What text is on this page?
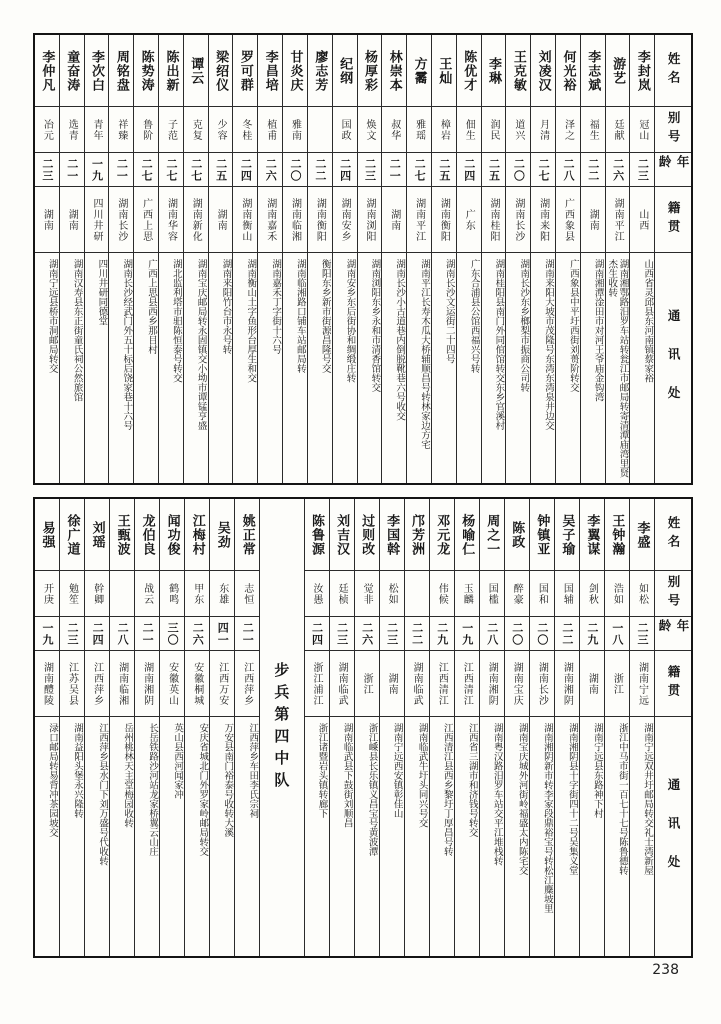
姓名
别号
年龄
籍贯
通讯处
李封岚
冠山
二三
山西
山西省灵邱县东河南镇蔡家裕
游艺
廷献
二六
湖南平江
湖南湘鄂路汨罗车站转瓮江市邮局转寄清潭庙湾里贤杰生收转
李志斌
福生
二二
湖南
湖南湘潭淦田市对河王爷庙金钩湾
何光裕
泽之
二八
广西象县
广西象县中平圩西街刘蒉阶转交
刘凌汉
月清
二七
湖南来阳
湖南来阳大坡市茂隆号东湾东湾泉井边交
王克敏
道兴
二〇
湖南长沙
湖南长沙东乡榔梨市振商公司转
李琳
润民
二五
湖南桂阳
湖南桂阳县南门外同倌馆转交东乡官溪村
陈优才
佃生
二四
广东
广东合浦县公馆西福兴号转
王灿
樟岩
二五
湖南衡阳
湖南长沙文运街二十四号
方霱
雅瑶
二七
湖南平江
湖南平江长寿木瓜大桥辅顺昌号转林家边方宅
林崇本
叔华
二一
湖南
湖南长沙小古道巷内倒脱靴巷六号收交
杨厚彩
焕文
二三
湖南浏阳
湖南浏阳东乡永和市清香馆转交
纪纲
国政
二四
湖南安乡
湖南安乡东后街协和绸缎庄转
廖志芳
二二
湖南衡阳
衡阳东乡新市街源昌隆号交
甘炎庆
雅南
二〇
湖南临湘
湖南临湘路口铺车站邮局转
李昌培
植甫
二六
湖南嘉禾
湖南嘉禾丁字街十六号
罗可群
冬桂
二四
湖南衡山
湖南衡山土字鱼形台厚生和交
梁绍仪
少容
二五
湖南
湖南来阳竹台市永号转
谭云
克复
二七
湖南新化
湖南宝庆邮局转永固镇交小坳市谭锰亨盛
陈出新
子范
二七
湖南华容
湖北监利塔市驲陈恒泰号转交
陈势涛
鲁阶
二七
广西上思
广西上思县西乡那目村
周铭盘
祥臻
二一
湖南长沙
湖南长沙经武门外五十标后饶家巷十六号
李次白
青年
一九
四川井研
四川井研同德堂
童奋涛
选青
二一
湖南
湖南汉寿县东正街童氏祠公然旅馆
李仲凡
冶元
二三
湖南
湖南宁远县桥市洞邮局转交
姓名
别号
年龄
籍贯
通讯处
李盛
如松
二三
湖南宁远
湖南宁远双井圩邮局转交礼士湾新屋
王钟瀚
浩如
一八
浙江
浙江中马市街一百七十七号陈鲁德转
李翼谋
剑秋
二九
湖南
湖南宁远县东路神下村
吴子瑜
国辅
二二
湖南湘阴
湖南湘阴县十字街四十二号吴集义堂
钟镇亚
国和
二〇
湖南长沙
湖南湘阴新市转李家段鼎裕宝号转松江麋坡里
陈政
醉豪
二〇
湖南宝庆
湖南宝庆城外河街岭福盛太内陈宅交
周之一
国槛
二八
湖南湘阴
湖南粤汉路汨罗车站交平江堆栈转
杨喻仁
玉麟
一九
江西清江
江西省三湖市和济钱号转交
邓元龙
伟候
二九
江西清江
江西清江县西乡黎圩丁厚昌号转
邝芳洲
二二
湖南临武
湖南临武牛圩头同兴号交
李国斡
松如
二三
湖南
湖南宁远西安镇彰佳山
过则改
觉非
二六
浙江
浙江嵊县长乐镇义昌宝号黄波潭
刘吉汉
廷桢
二三
湖南临武
湖南临武县下鼓街刘顺昌
陈鲁源
汝愚
二四
浙江浦江
浙江诸暨岩头镇转廊下
步兵第四中队
姚正常
志恒
二一
江西萍乡
江西萍乡车田李氏宗祠
吴劲
东雄
四一
江西万安
万安县南门裕泰号收转大溪
江梅村
甲东
二六
安徽桐城
安庆省城北门外罗家岭邮局转交
闻功俊
鹤鸣
三〇
安徽英山
英山县西河闻家冲
龙伯良
战云
二一
湖南湘阴
长岳铁路沙河站龙家桥翼云山庄
王甄波
二八
湖南临湘
岳州桃林天主堂梅园收转
刘瑶
幹卿
二四
江西萍乡
江西萍乡县水门下刘万盛号代收转
徐广道
勉笙
二三
江苏吴县
湖南益阳头堡永兴隆转
易强
开庚
一九
湖南醴陵
渌口邮局转易背冲茶园坡交
238
